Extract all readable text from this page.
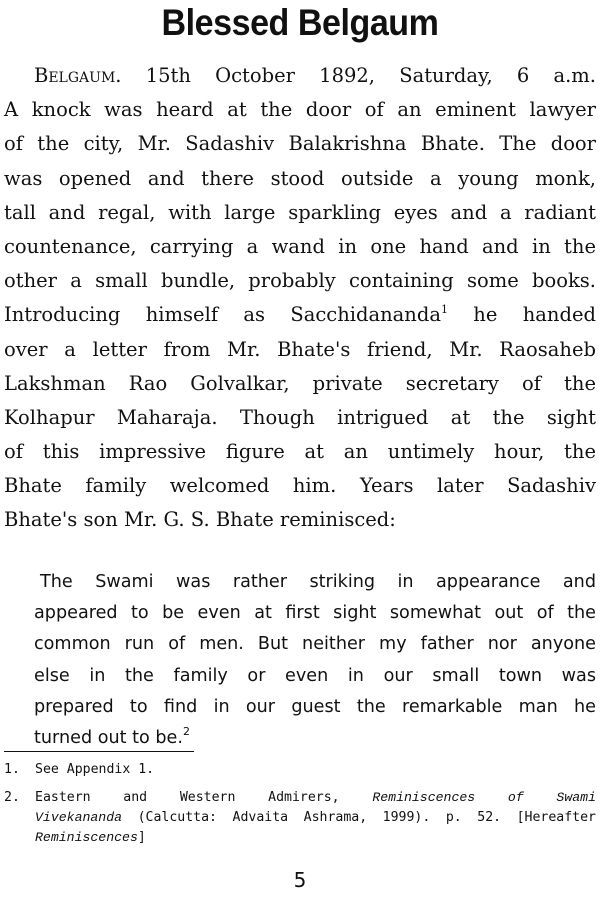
Blessed Belgaum
Belgaum. 15th October 1892, Saturday, 6 a.m.
A knock was heard at the door of an eminent lawyer
of the city, Mr. Sadashiv Balakrishna Bhate. The door
was opened and there stood outside a young monk,
tall and regal, with large sparkling eyes and a radiant
countenance, carrying a wand in one hand and in the
other a small bundle, probably containing some books.
Introducing himself as Sacchidananda$^1$ he handed
over a letter from Mr. Bhate's friend, Mr. Raosaheb
Lakshman Rao Golvalkar, private secretary of the
Kolhapur Maharaja. Though intrigued at the sight
of this impressive figure at an untimely hour, the
Bhate family welcomed him. Years later Sadashiv
Bhate's son Mr. G. S. Bhate reminisced:
The Swami was rather striking in appearance and
appeared to be even at first sight somewhat out of the
common run of men. But neither my father nor anyone
else in the family or even in our small town was
prepared to find in our guest the remarkable man he
turned out to be.$^2$
1. See Appendix 1.
2. Eastern and Western Admirers, Reminiscences of Swami
Vivekananda (Calcutta: Advaita Ashrama, 1999). p. 52. [Hereafter
Reminiscences]
5
